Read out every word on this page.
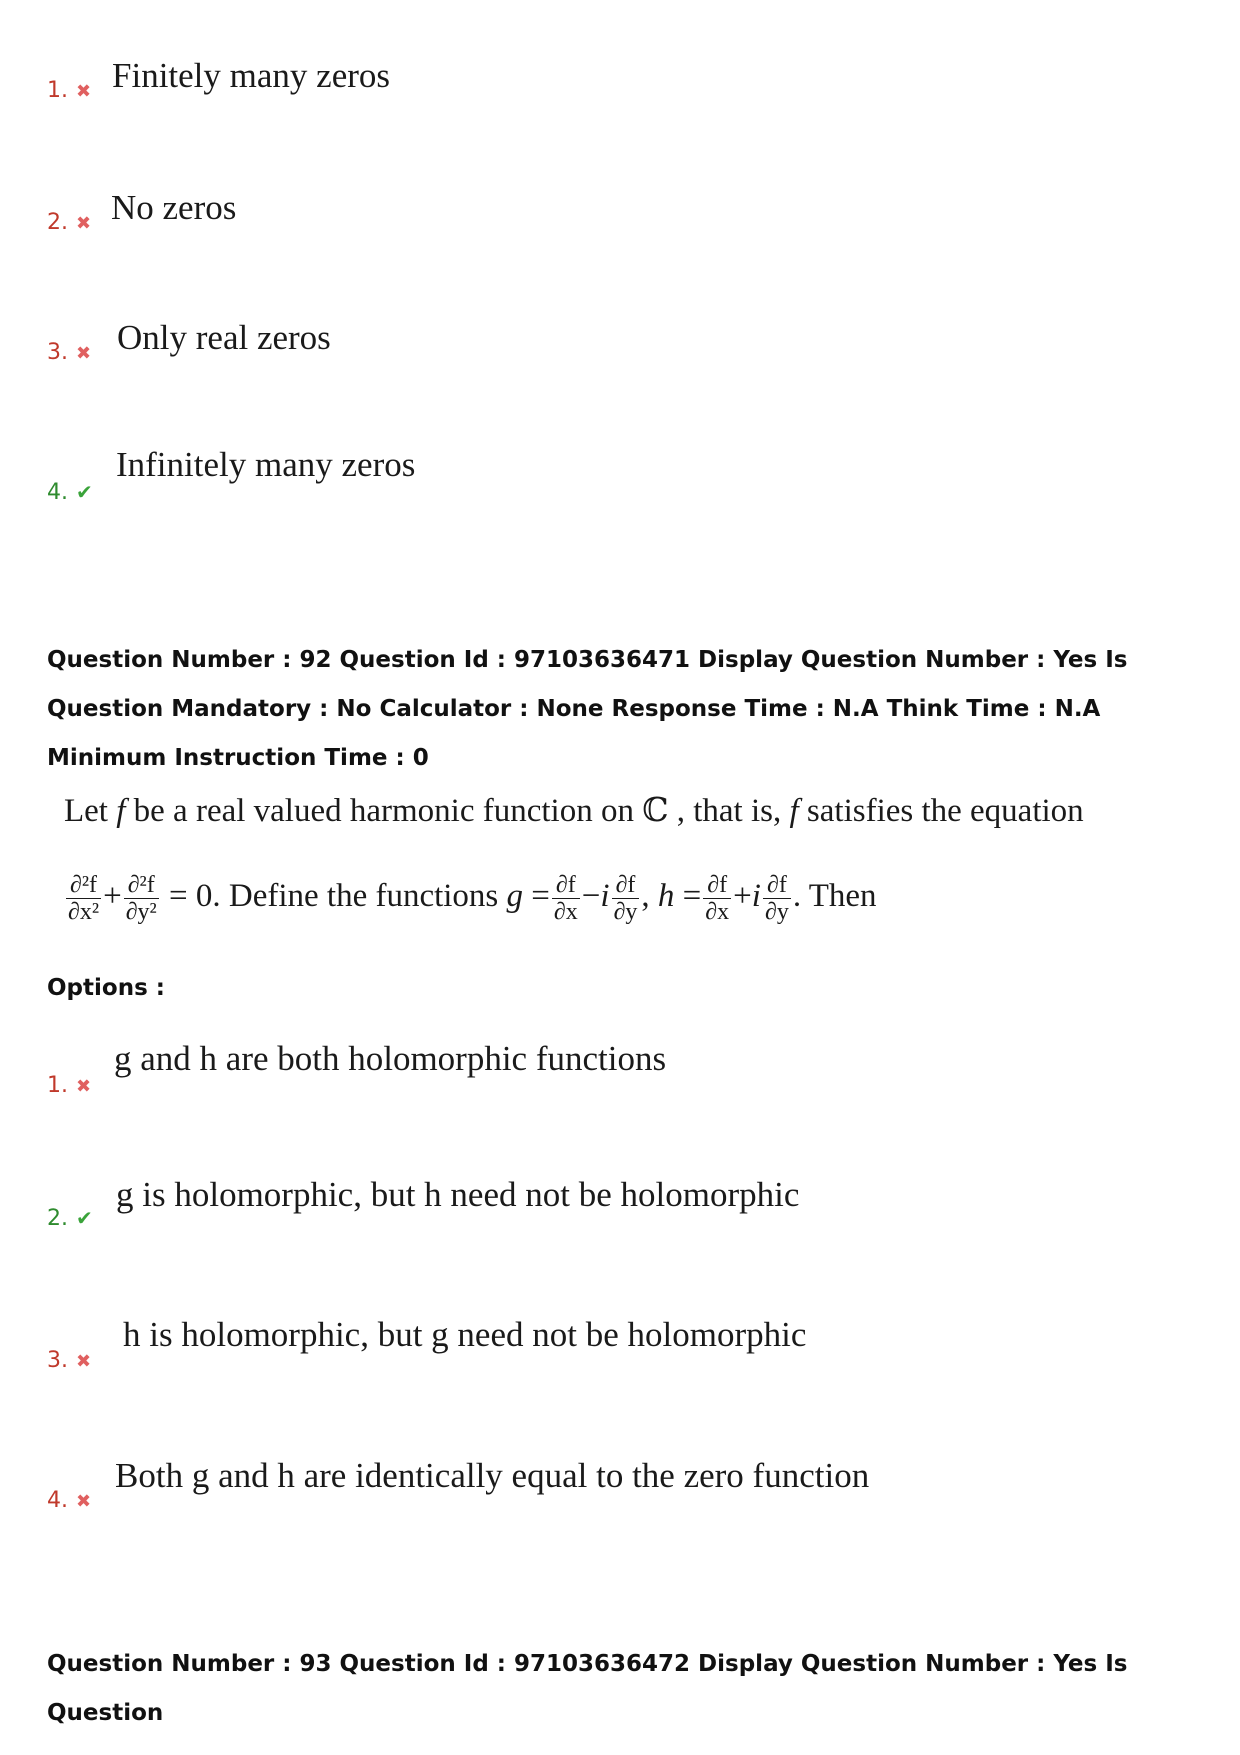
1. ✖ Finitely many zeros
2. ✖ No zeros
3. ✖ Only real zeros
4. ✔
Infinitely many zeros
Question Number : 92 Question Id : 97103636471 Display Question Number : Yes Is Question Mandatory : No Calculator : None Response Time : N.A Think Time : N.A Minimum Instruction Time : 0
Let f be a real valued harmonic function on ℂ , that is, f satisfies the equation
$\frac{\text{∂²f}}{\text{∂x²}} + \frac{\text{∂²f}}{\text{∂y²}} = 0$. Define the functions $g = \frac{\partial f}{\partial x} -i \frac{\partial f}{\partial y}$ , $h = \frac{\partial f}{\partial x} +i \frac{\partial f}{\partial y}$ . Then
Options :
1. ✖
g and h are both holomorphic functions
2. ✔
g is holomorphic, but h need not be holomorphic
3. ✖
h is holomorphic, but g need not be holomorphic
4. ✖
Both g and h are identically equal to the zero function
Question Number : 93 Question Id : 97103636472 Display Question Number : Yes Is Question
